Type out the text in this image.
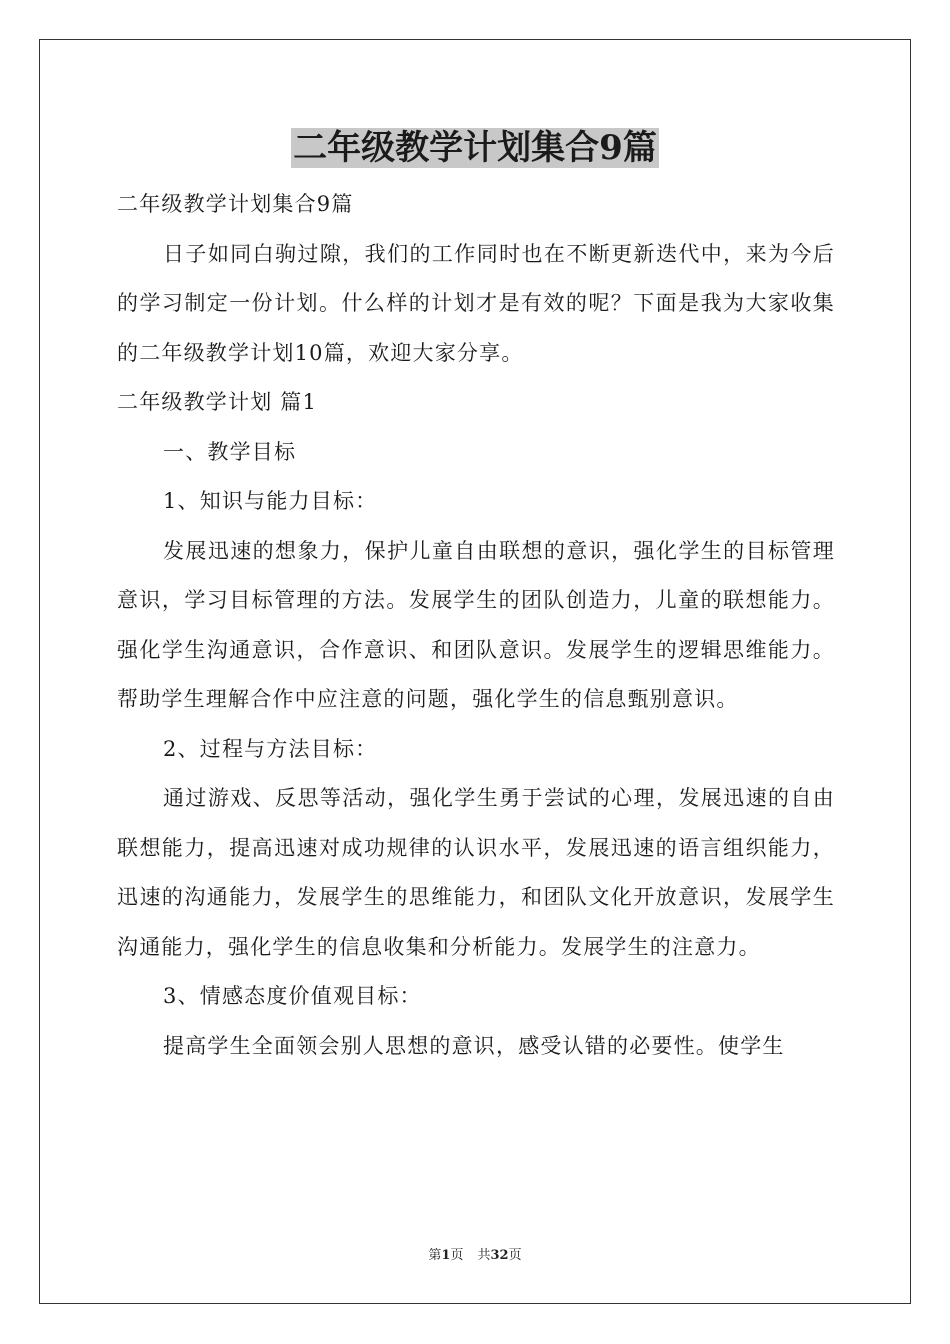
二年级教学计划集合9篇

二年级教学计划集合9篇

日子如同白驹过隙，我们的工作同时也在不断更新迭代中，来为今后的学习制定一份计划。什么样的计划才是有效的呢？下面是我为大家收集的二年级教学计划10篇，欢迎大家分享。

二年级教学计划 篇1

一、教学目标

1、知识与能力目标：

发展迅速的想象力，保护儿童自由联想的意识，强化学生的目标管理意识，学习目标管理的方法。发展学生的团队创造力，儿童的联想能力。强化学生沟通意识，合作意识、和团队意识。发展学生的逻辑思维能力。帮助学生理解合作中应注意的问题，强化学生的信息甄别意识。

2、过程与方法目标：

通过游戏、反思等活动，强化学生勇于尝试的心理，发展迅速的自由联想能力，提高迅速对成功规律的认识水平，发展迅速的语言组织能力，迅速的沟通能力，发展学生的思维能力，和团队文化开放意识，发展学生沟通能力，强化学生的信息收集和分析能力。发展学生的注意力。

3、情感态度价值观目标：

提高学生全面领会别人思想的意识，感受认错的必要性。使学生

第1页 共32页
